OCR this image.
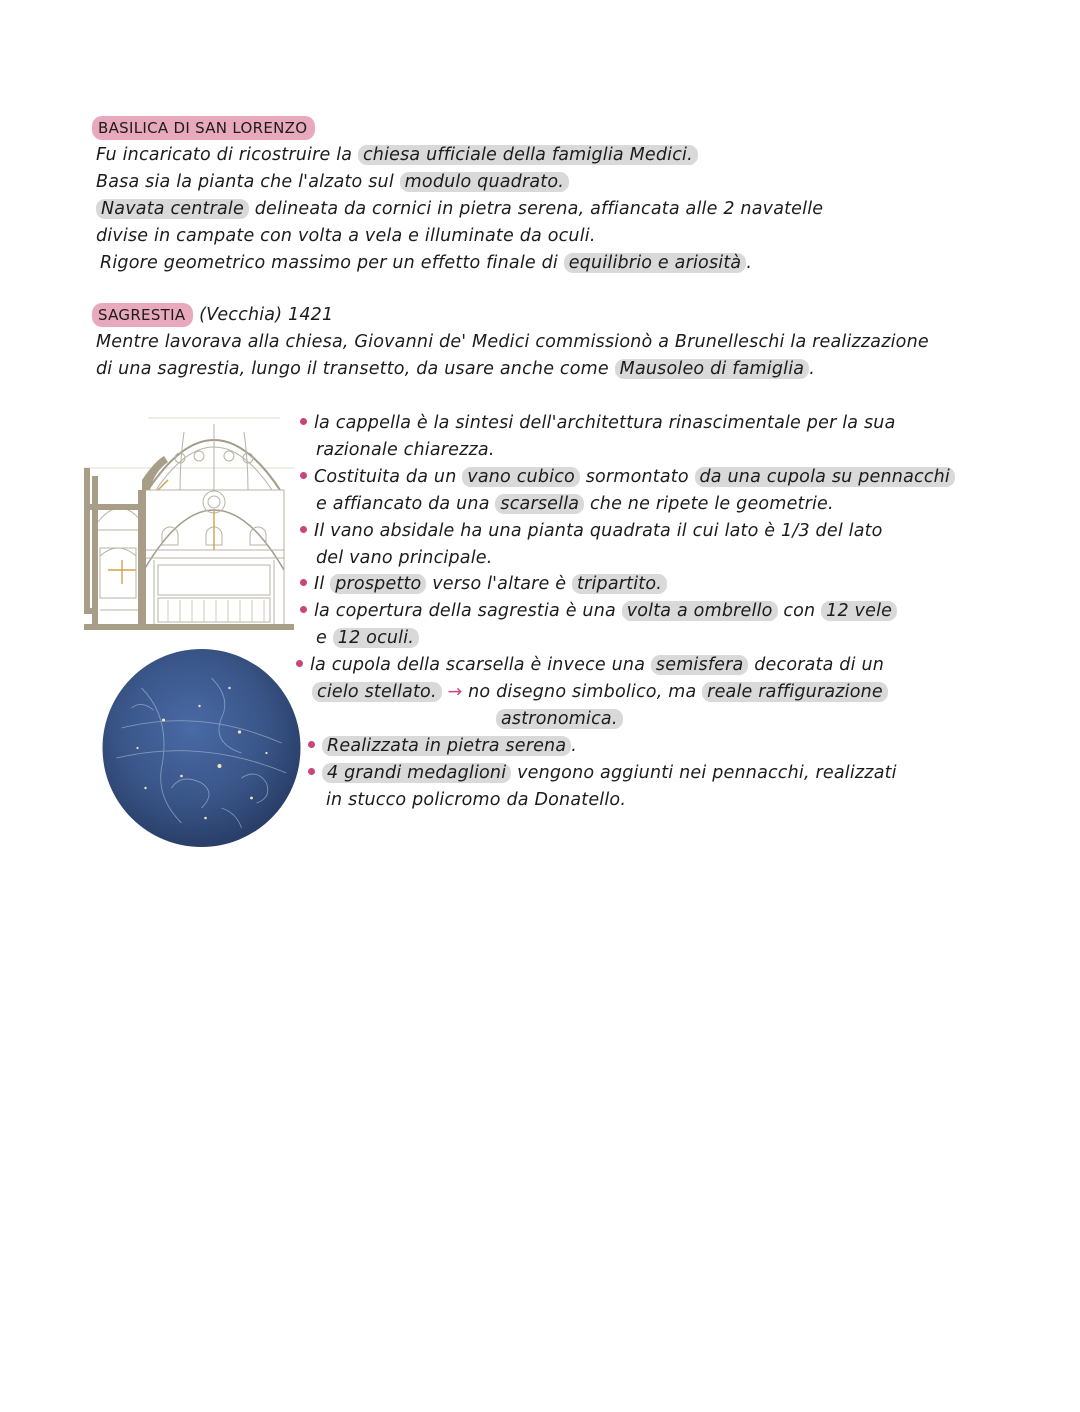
BASILICA DI SAN LORENZO
Fu incaricato di ricostruire la chiesa ufficiale della famiglia Medici.
Basa sia la pianta che l'alzato sul modulo quadrato.
Navata centrale delineata da cornici in pietra serena, affiancata alle 2 navatelle
divise in campate con volta a vela e illuminate da oculi.
Rigore geometrico massimo per un effetto finale di equilibrio e ariosità .
SAGRESTIA (Vecchia) 1421
Mentre lavorava alla chiesa, Giovanni de' Medici commissionò a Brunelleschi la realizzazione
di una sagrestia, lungo il transetto, da usare anche come Mausoleo di famiglia .
la cappella è la sintesi dell'architettura rinascimentale per la sua
razionale chiarezza.
Costituita da un vano cubico sormontato da una cupola su pennacchi
e affiancato da una scarsella che ne ripete le geometrie.
Il vano absidale ha una pianta quadrata il cui lato è 1/3 del lato
del vano principale.
Il prospetto verso l'altare è tripartito.
la copertura della sagrestia è una volta a ombrello con 12 vele
e 12 oculi.
la cupola della scarsella è invece una semisfera decorata di un
cielo stellato. → no disegno simbolico, ma reale raffigurazione
astronomica.
Realizzata in pietra serena .
4 grandi medaglioni vengono aggiunti nei pennacchi, realizzati
in stucco policromo da Donatello.
